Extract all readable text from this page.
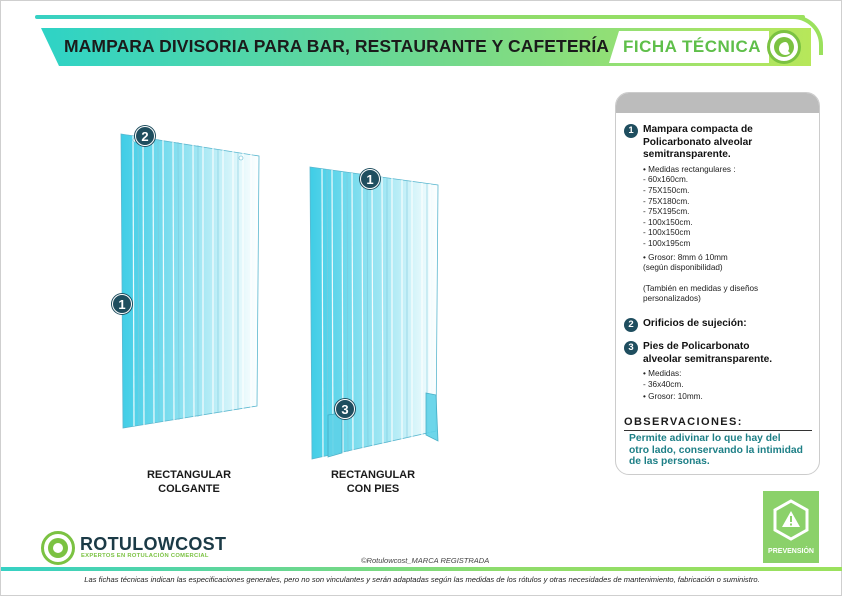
MAMPARA DIVISORIA PARA BAR, RESTAURANTE Y CAFETERÍA FICHA TÉCNICA
2
1
RECTANGULAR
COLGANTE
1
3
RECTANGULAR
CON PIES
1 Mampara compacta de
Policarbonato alveolar
semitransparente.
• Medidas rectangulares :
- 60x160cm.
- 75X150cm.
- 75X180cm.
- 75X195cm.
- 100x150cm.
- 100x150cm
- 100x195cm
• Grosor: 8mm ó 10mm
(según disponibilidad)
(También en medidas y diseños
personalizados)
2 Orificios de sujeción:
3 Pies de Policarbonato
alveolar semitransparente.
• Medidas:
- 36x40cm.
• Grosor: 10mm.
OBSERVACIONES:
Permite adivinar lo que hay del
otro lado, conservando la intimidad
de las personas.
PREVENSIÓN
ROTULOWCOST
EXPERTOS EN ROTULACIÓN COMERCIAL	©Rotulowcost_MARCA REGISTRADA
Las fichas técnicas indican las especificaciones generales, pero no son vinculantes y serán adaptadas según las medidas de los rótulos y otras necesidades de mantenimiento, fabricación o suministro.
